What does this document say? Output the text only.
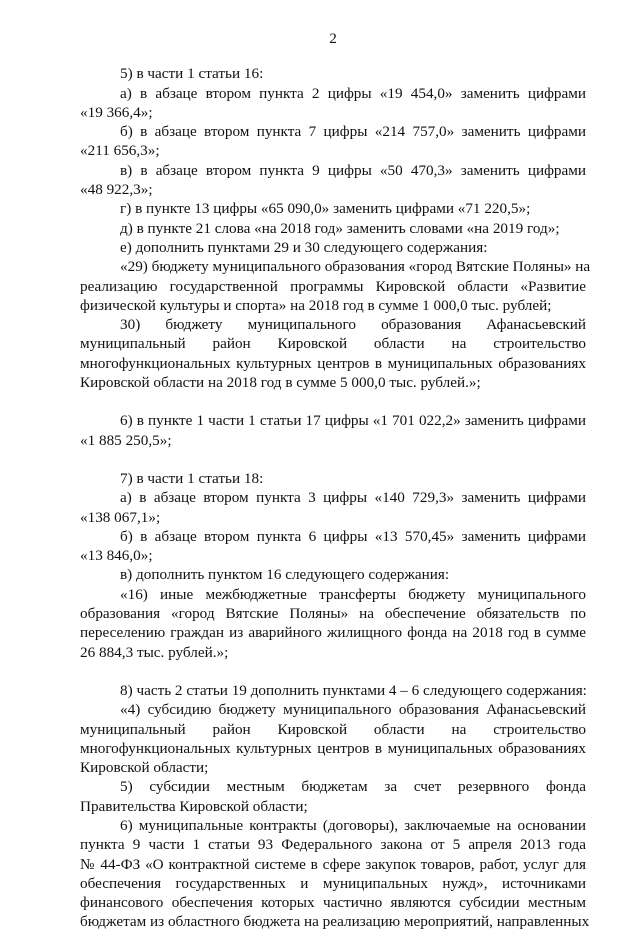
2
5) в части 1 статьи 16:
а) в абзаце втором пункта 2 цифры «19 454,0» заменить цифрами
«19 366,4»;
б) в абзаце втором пункта 7 цифры «214 757,0» заменить цифрами
«211 656,3»;
в) в абзаце втором пункта 9 цифры «50 470,3» заменить цифрами
«48 922,3»;
г) в пункте 13 цифры «65 090,0» заменить цифрами «71 220,5»;
д) в пункте 21 слова «на 2018 год» заменить словами «на 2019 год»;
е) дополнить пунктами 29 и 30 следующего содержания:
«29) бюджету муниципального образования «город Вятские Поляны» на
реализацию государственной программы Кировской области «Развитие
физической культуры и спорта» на 2018 год в сумме 1 000,0 тыс. рублей;
30) бюджету муниципального образования Афанасьевский
муниципальный район Кировской области на строительство
многофункциональных культурных центров в муниципальных образованиях
Кировской области на 2018 год в сумме 5 000,0 тыс. рублей.»;
6) в пункте 1 части 1 статьи 17 цифры «1 701 022,2» заменить цифрами
«1 885 250,5»;
7) в части 1 статьи 18:
а) в абзаце втором пункта 3 цифры «140 729,3» заменить цифрами
«138 067,1»;
б) в абзаце втором пункта 6 цифры «13 570,45» заменить цифрами
«13 846,0»;
в) дополнить пунктом 16 следующего содержания:
«16) иные межбюджетные трансферты бюджету муниципального
образования «город Вятские Поляны» на обеспечение обязательств по
переселению граждан из аварийного жилищного фонда на 2018 год в сумме
26 884,3 тыс. рублей.»;
8) часть 2 статьи 19 дополнить пунктами 4 – 6 следующего содержания:
«4) субсидию бюджету муниципального образования Афанасьевский
муниципальный район Кировской области на строительство
многофункциональных культурных центров в муниципальных образованиях
Кировской области;
5) субсидии местным бюджетам за счет резервного фонда
Правительства Кировской области;
6) муниципальные контракты (договоры), заключаемые на основании
пункта 9 части 1 статьи 93 Федерального закона от 5 апреля 2013 года
№ 44-ФЗ «О контрактной системе в сфере закупок товаров, работ, услуг для
обеспечения государственных и муниципальных нужд», источниками
финансового обеспечения которых частично являются субсидии местным
бюджетам из областного бюджета на реализацию мероприятий, направленных
